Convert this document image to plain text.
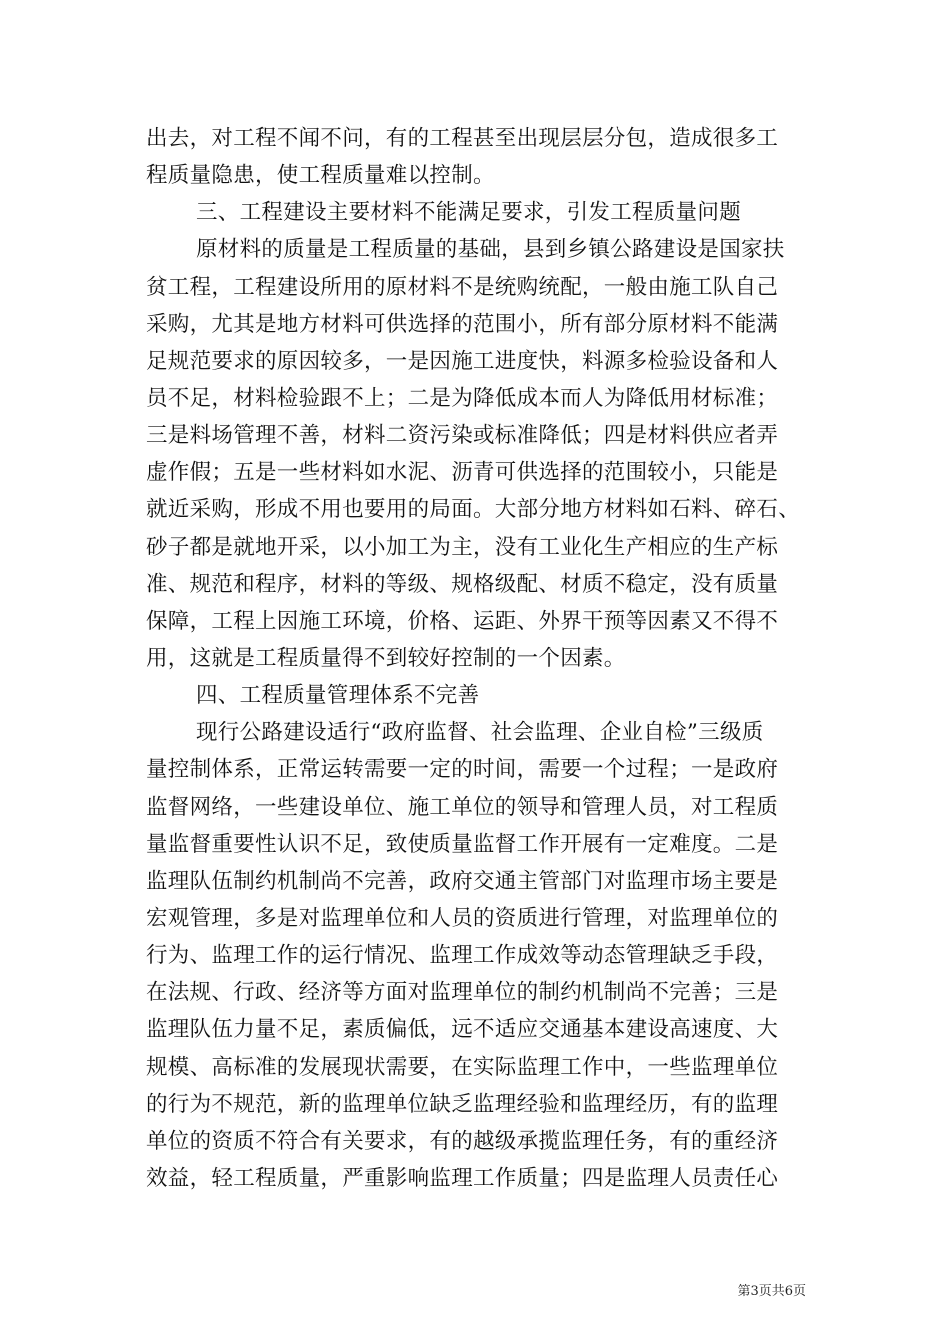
出去，对工程不闻不问，有的工程甚至出现层层分包，造成很多工
程质量隐患，使工程质量难以控制。
三、工程建设主要材料不能满足要求，引发工程质量问题
原材料的质量是工程质量的基础，县到乡镇公路建设是国家扶
贫工程，工程建设所用的原材料不是统购统配，一般由施工队自己
采购，尤其是地方材料可供选择的范围小，所有部分原材料不能满
足规范要求的原因较多，一是因施工进度快，料源多检验设备和人
员不足，材料检验跟不上；二是为降低成本而人为降低用材标准；
三是料场管理不善，材料二资污染或标准降低；四是材料供应者弄
虚作假；五是一些材料如水泥、沥青可供选择的范围较小，只能是
就近采购，形成不用也要用的局面。大部分地方材料如石料、碎石、
砂子都是就地开采，以小加工为主，没有工业化生产相应的生产标
准、规范和程序，材料的等级、规格级配、材质不稳定，没有质量
保障，工程上因施工环境，价格、运距、外界干预等因素又不得不
用，这就是工程质量得不到较好控制的一个因素。
四、工程质量管理体系不完善
现行公路建设适行“政府监督、社会监理、企业自检”三级质
量控制体系，正常运转需要一定的时间，需要一个过程；一是政府
监督网络，一些建设单位、施工单位的领导和管理人员，对工程质
量监督重要性认识不足，致使质量监督工作开展有一定难度。二是
监理队伍制约机制尚不完善，政府交通主管部门对监理市场主要是
宏观管理，多是对监理单位和人员的资质进行管理，对监理单位的
行为、监理工作的运行情况、监理工作成效等动态管理缺乏手段，
在法规、行政、经济等方面对监理单位的制约机制尚不完善；三是
监理队伍力量不足，素质偏低，远不适应交通基本建设高速度、大
规模、高标准的发展现状需要，在实际监理工作中，一些监理单位
的行为不规范，新的监理单位缺乏监理经验和监理经历，有的监理
单位的资质不符合有关要求，有的越级承揽监理任务，有的重经济
效益，轻工程质量，严重影响监理工作质量；四是监理人员责任心
第3页共6页
